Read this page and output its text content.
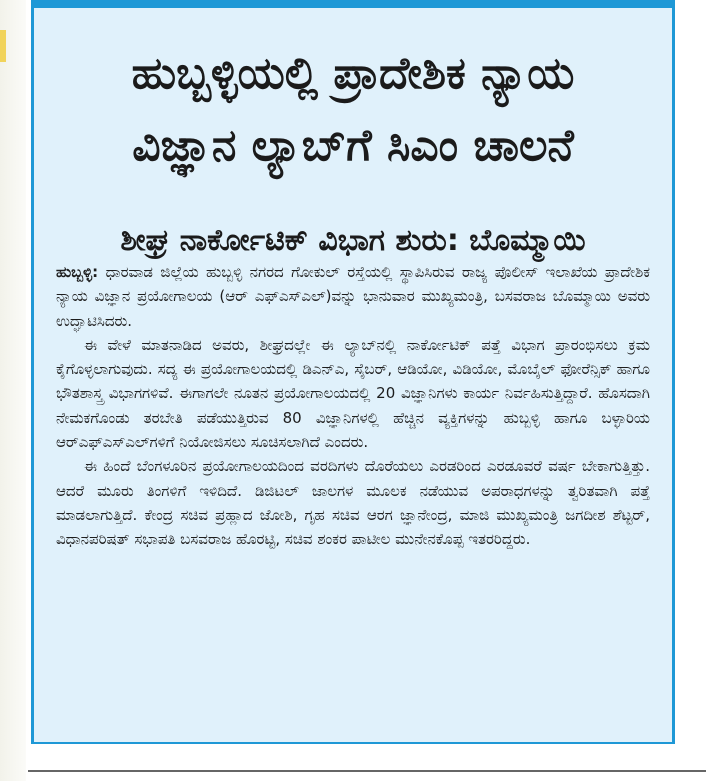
ಹುಬ್ಬಳ್ಳಿಯಲ್ಲಿ ಪ್ರಾದೇಶಿಕ ನ್ಯಾಯ
ವಿಜ್ಞಾನ ಲ್ಯಾಬ್‌ಗೆ ಸಿಎಂ ಚಾಲನೆ
ಶೀಘ್ರ ನಾರ್ಕೋಟಿಕ್ ವಿಭಾಗ ಶುರು: ಬೊಮ್ಮಾಯಿ

ಹುಬ್ಬಳ್ಳಿ: ಧಾರವಾಡ ಜಿಲ್ಲೆಯ ಹುಬ್ಬಳ್ಳಿ ನಗರದ ಗೋಕುಲ್ ರಸ್ತೆಯಲ್ಲಿ ಸ್ಥಾಪಿಸಿರುವ ರಾಜ್ಯ ಪೊಲೀಸ್ ಇಲಾಖೆಯ ಪ್ರಾದೇಶಿಕ ನ್ಯಾಯ ವಿಜ್ಞಾನ ಪ್ರಯೋಗಾಲಯ (ಆರ್ ಎಫ್‌ಎಸ್‌ಎಲ್)ವನ್ನು ಭಾನುವಾರ ಮುಖ್ಯಮಂತ್ರಿ, ಬಸವರಾಜ ಬೊಮ್ಮಾಯಿ ಅವರು ಉದ್ಘಾಟಿಸಿದರು.

ಈ ವೇಳೆ ಮಾತನಾಡಿದ ಅವರು, ಶೀಘ್ರದಲ್ಲೇ ಈ ಲ್ಯಾಬ್‌ನಲ್ಲಿ ನಾರ್ಕೋಟಿಕ್ ಪತ್ತೆ ವಿಭಾಗ ಪ್ರಾರಂಭಿಸಲು ಕ್ರಮ ಕೈಗೊಳ್ಳಲಾಗುವುದು. ಸದ್ಯ ಈ ಪ್ರಯೋಗಾಲಯದಲ್ಲಿ ಡಿಎನ್‌ಎ, ಸೈಬರ್, ಆಡಿಯೋ, ವಿಡಿಯೋ, ಮೊಬೈಲ್ ಫೋರೆನ್ಸಿಕ್ ಹಾಗೂ ಭೌತಶಾಸ್ತ್ರ ವಿಭಾಗಗಳಿವೆ. ಈಗಾಗಲೇ ನೂತನ ಪ್ರಯೋಗಾಲಯದಲ್ಲಿ 20 ವಿಜ್ಞಾನಿಗಳು ಕಾರ್ಯ ನಿರ್ವಹಿಸುತ್ತಿದ್ದಾರೆ. ಹೊಸದಾಗಿ ನೇಮಕಗೊಂಡು ತರಬೇತಿ ಪಡೆಯುತ್ತಿರುವ 80 ವಿಜ್ಞಾನಿಗಳಲ್ಲಿ ಹೆಚ್ಚಿನ ವ್ಯಕ್ತಿಗಳನ್ನು ಹುಬ್ಬಳ್ಳಿ ಹಾಗೂ ಬಳ್ಳಾರಿಯ ಆರ್‌ಎಫ್‌ಎಸ್‌ಎಲ್‌ಗಳಿಗೆ ನಿಯೋಜಿಸಲು ಸೂಚಿಸಲಾಗಿದೆ ಎಂದರು.

ಈ ಹಿಂದೆ ಬೆಂಗಳೂರಿನ ಪ್ರಯೋಗಾಲಯದಿಂದ ವರದಿಗಳು ದೊರೆಯಲು ಎರಡರಿಂದ ಎರಡೂವರೆ ವರ್ಷ ಬೇಕಾಗುತ್ತಿತ್ತು. ಆದರೆ ಮೂರು ತಿಂಗಳಿಗೆ ಇಳಿದಿದೆ. ಡಿಜಿಟಲ್ ಜಾಲಗಳ ಮೂಲಕ ನಡೆಯುವ ಅಪರಾಧಗಳನ್ನು ತ್ವರಿತವಾಗಿ ಪತ್ತೆ ಮಾಡಲಾಗುತ್ತಿದೆ. ಕೇಂದ್ರ ಸಚಿವ ಪ್ರಹ್ಲಾದ ಜೋಶಿ, ಗೃಹ ಸಚಿವ ಆರಗ ಜ್ಞಾನೇಂದ್ರ, ಮಾಜಿ ಮುಖ್ಯಮಂತ್ರಿ ಜಗದೀಶ ಶೆಟ್ಟರ್, ವಿಧಾನಪರಿಷತ್ ಸಭಾಪತಿ ಬಸವರಾಜ ಹೊರಟ್ಟಿ, ಸಚಿವ ಶಂಕರ ಪಾಟೀಲ ಮುನೇನಕೊಪ್ಪ ಇತರರಿದ್ದರು.
